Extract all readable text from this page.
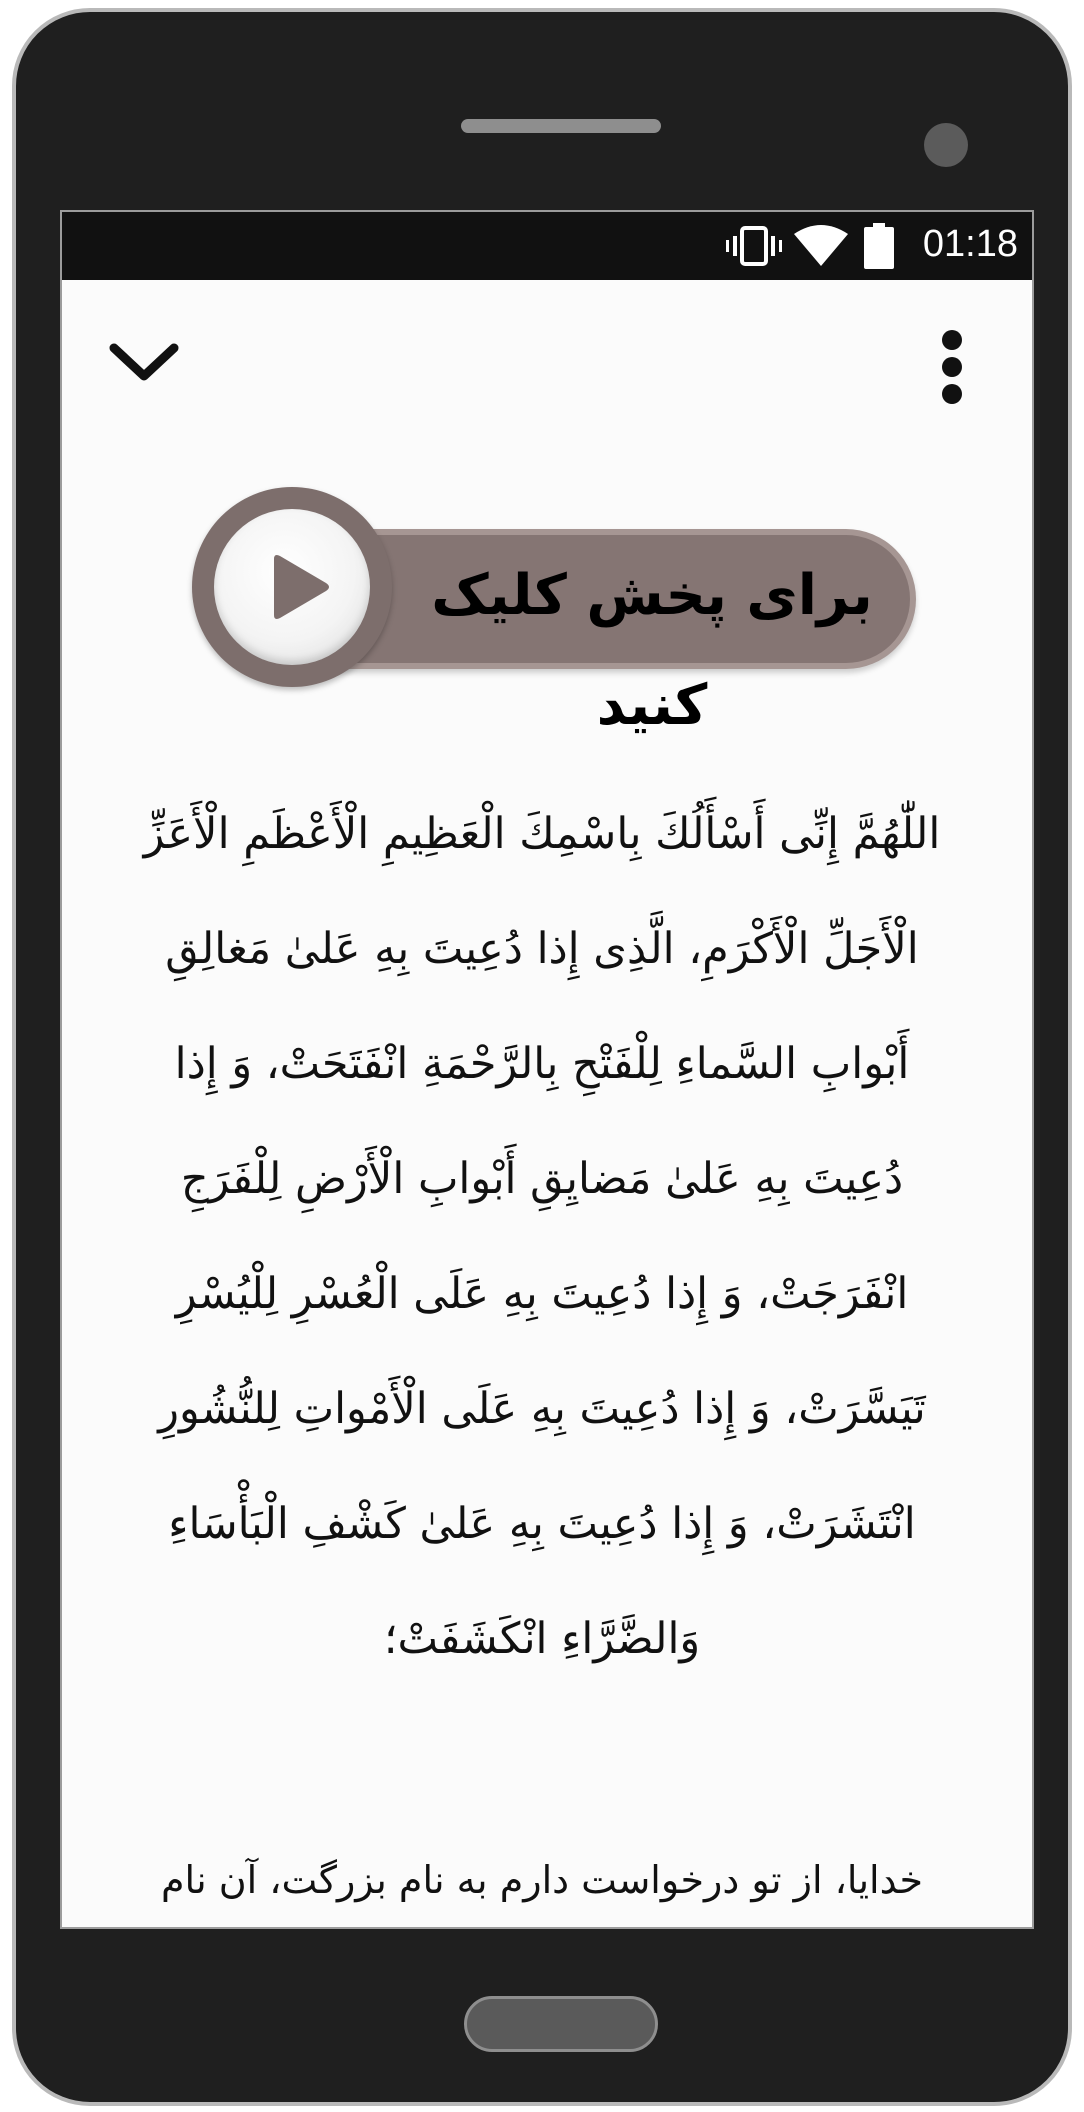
01:18
برای پخش کلیک کنید
اللّٰهُمَّ إِنِّی أَسْأَلُكَ بِاسْمِكَ الْعَظِيمِ الْأَعْظَمِ الْأَعَزِّ الْأَجَلِّ الْأَكْرَمِ، الَّذِی إِذا دُعِيتَ بِهِ عَلىٰ مَغالِقِ أَبْوابِ السَّماءِ لِلْفَتْحِ بِالرَّحْمَةِ انْفَتَحَتْ، وَ إِذا دُعِيتَ بِهِ عَلىٰ مَضايِقِ أَبْوابِ الْأَرْضِ لِلْفَرَجِ انْفَرَجَتْ، وَ إِذا دُعِيتَ بِهِ عَلَى الْعُسْرِ لِلْيُسْرِ تَيَسَّرَتْ، وَ إِذا دُعِيتَ بِهِ عَلَى الْأَمْواتِ لِلنُّشُورِ انْتَشَرَتْ، وَ إِذا دُعِيتَ بِهِ عَلىٰ كَشْفِ الْبَأْسَاءِ وَالضَّرَّاءِ انْكَشَفَتْ؛
خدایا، از تو درخواست دارم به نام بزرگت، آن نام
